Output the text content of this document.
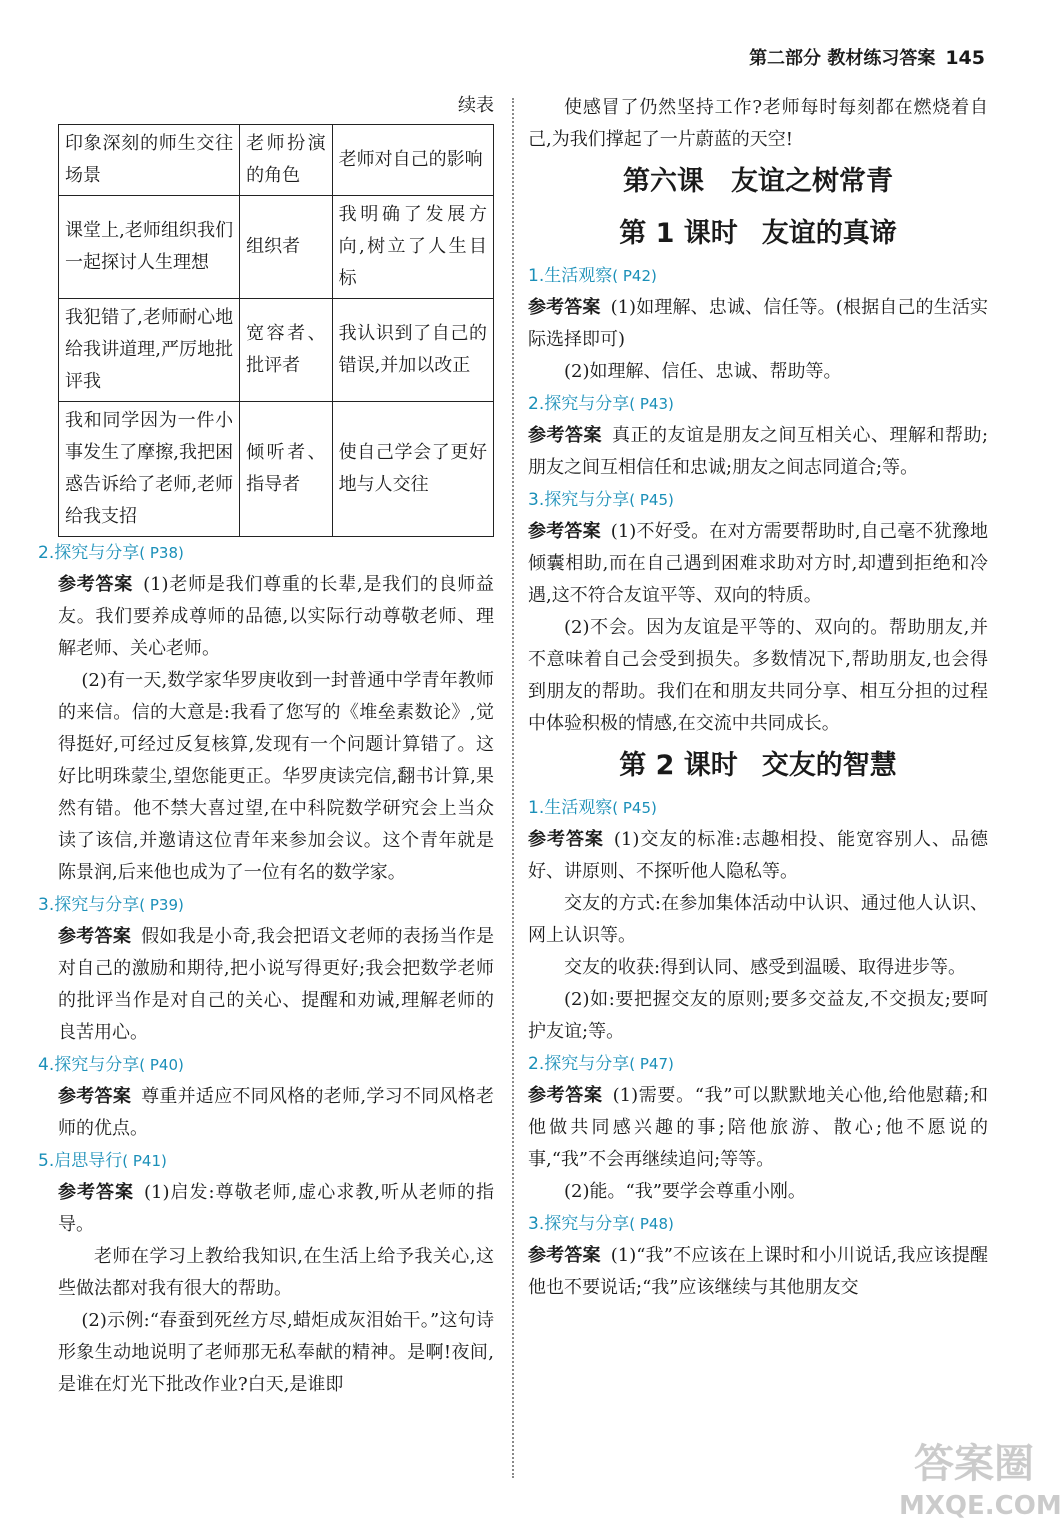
第二部分 教材练习答案 145
续表
印象深刻的师生交往场景	老师扮演的角色	老师对自己的影响
课堂上,老师组织我们一起探讨人生理想	组织者	我明确了发展方向,树立了人生目标
我犯错了,老师耐心地给我讲道理,严厉地批评我	宽容者、批评者	我认识到了自己的错误,并加以改正
我和同学因为一件小事发生了摩擦,我把困惑告诉给了老师,老师给我支招	倾听者、指导者	使自己学会了更好地与人交往
2.探究与分享( P38)

参考答案 (1)老师是我们尊重的长辈,是我们的良师益友。我们要养成尊师的品德,以实际行动尊敬老师、理解老师、关心老师。

(2)有一天,数学家华罗庚收到一封普通中学青年教师的来信。信的大意是:我看了您写的《堆垒素数论》,觉得挺好,可经过反复核算,发现有一个问题计算错了。这好比明珠蒙尘,望您能更正。华罗庚读完信,翻书计算,果然有错。他不禁大喜过望,在中科院数学研究会上当众读了该信,并邀请这位青年来参加会议。这个青年就是陈景润,后来他也成为了一位有名的数学家。

3.探究与分享( P39)

参考答案 假如我是小奇,我会把语文老师的表扬当作是对自己的激励和期待,把小说写得更好;我会把数学老师的批评当作是对自己的关心、提醒和劝诫,理解老师的良苦用心。

4.探究与分享( P40)

参考答案 尊重并适应不同风格的老师,学习不同风格老师的优点。

5.启思导行( P41)

参考答案 (1)启发:尊敬老师,虚心求教,听从老师的指导。

老师在学习上教给我知识,在生活上给予我关心,这些做法都对我有很大的帮助。

(2)示例:“春蚕到死丝方尽,蜡炬成灰泪始干。”这句诗形象生动地说明了老师那无私奉献的精神。是啊!夜间,是谁在灯光下批改作业?白天,是谁即

使感冒了仍然坚持工作?老师每时每刻都在燃烧着自己,为我们撑起了一片蔚蓝的天空!

第六课　友谊之树常青
第 1 课时 友谊的真谛
1.生活观察( P42)

参考答案 (1)如理解、忠诚、信任等。(根据自己的生活实际选择即可)

(2)如理解、信任、忠诚、帮助等。

2.探究与分享( P43)

参考答案 真正的友谊是朋友之间互相关心、理解和帮助;朋友之间互相信任和忠诚;朋友之间志同道合;等。

3.探究与分享( P45)

参考答案 (1)不好受。在对方需要帮助时,自己毫不犹豫地倾囊相助,而在自己遇到困难求助对方时,却遭到拒绝和冷遇,这不符合友谊平等、双向的特质。

(2)不会。因为友谊是平等的、双向的。帮助朋友,并不意味着自己会受到损失。多数情况下,帮助朋友,也会得到朋友的帮助。我们在和朋友共同分享、相互分担的过程中体验积极的情感,在交流中共同成长。

第 2 课时 交友的智慧
1.生活观察( P45)

参考答案 (1)交友的标准:志趣相投、能宽容别人、品德好、讲原则、不探听他人隐私等。

交友的方式:在参加集体活动中认识、通过他人认识、网上认识等。

交友的收获:得到认同、感受到温暖、取得进步等。

(2)如:要把握交友的原则;要多交益友,不交损友;要呵护友谊;等。

2.探究与分享( P47)

参考答案 (1)需要。“我”可以默默地关心他,给他慰藉;和他做共同感兴趣的事;陪他旅游、散心;他不愿说的事,“我”不会再继续追问;等等。

(2)能。“我”要学会尊重小刚。

3.探究与分享( P48)

参考答案 (1)“我”不应该在上课时和小川说话,我应该提醒他也不要说话;“我”应该继续与其他朋友交

答案圈
MXQE.COM
